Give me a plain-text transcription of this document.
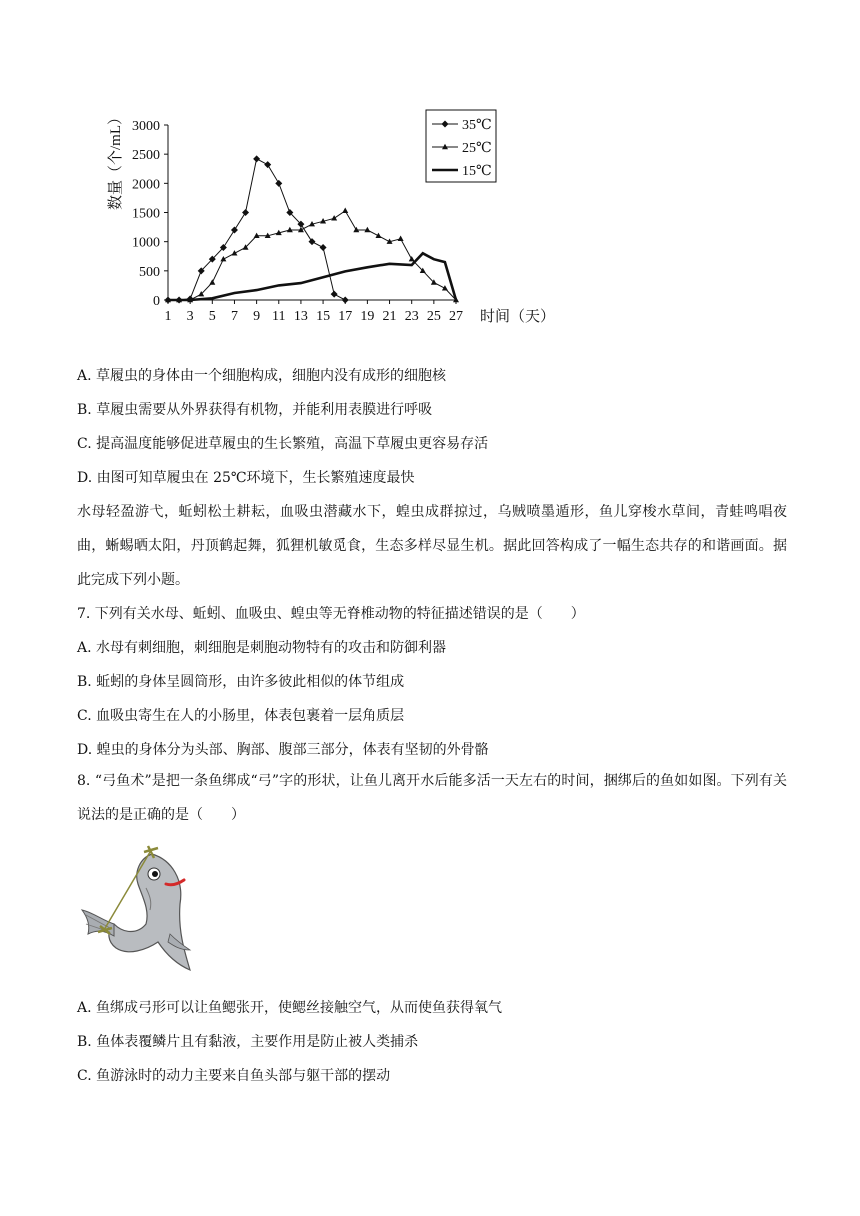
0
500
1000
1500
2000
2500
3000
1 3 5 7 9 11 13 15 17 19 21 23 25 27
35℃
25℃
15℃
数量（个/mL）
时间（天）
A. 草履虫的身体由一个细胞构成，细胞内没有成形的细胞核
B. 草履虫需要从外界获得有机物，并能利用表膜进行呼吸
C. 提高温度能够促进草履虫的生长繁殖，高温下草履虫更容易存活
D. 由图可知草履虫在 25℃环境下，生长繁殖速度最快
水母轻盈游弋，蚯蚓松土耕耘，血吸虫潜藏水下，蝗虫成群掠过，乌贼喷墨遁形，鱼儿穿梭水草间，青蛙鸣唱夜曲，蜥蜴晒太阳，丹顶鹤起舞，狐狸机敏觅食，生态多样尽显生机。据此回答构成了一幅生态共存的和谐画面。据此完成下列小题。
7. 下列有关水母、蚯蚓、血吸虫、蝗虫等无脊椎动物的特征描述错误的是（　　）
A. 水母有刺细胞，刺细胞是刺胞动物特有的攻击和防御利器
B. 蚯蚓的身体呈圆筒形，由许多彼此相似的体节组成
C. 血吸虫寄生在人的小肠里，体表包裹着一层角质层
D. 蝗虫的身体分为头部、胸部、腹部三部分，体表有坚韧的外骨骼
8. “弓鱼术”是把一条鱼绑成“弓”字的形状，让鱼儿离开水后能多活一天左右的时间，捆绑后的鱼如如图。下列有关说法的是正确的是（　　）
A. 鱼绑成弓形可以让鱼鳃张开，使鳃丝接触空气，从而使鱼获得氧气
B. 鱼体表覆鳞片且有黏液，主要作用是防止被人类捕杀
C. 鱼游泳时的动力主要来自鱼头部与躯干部的摆动
